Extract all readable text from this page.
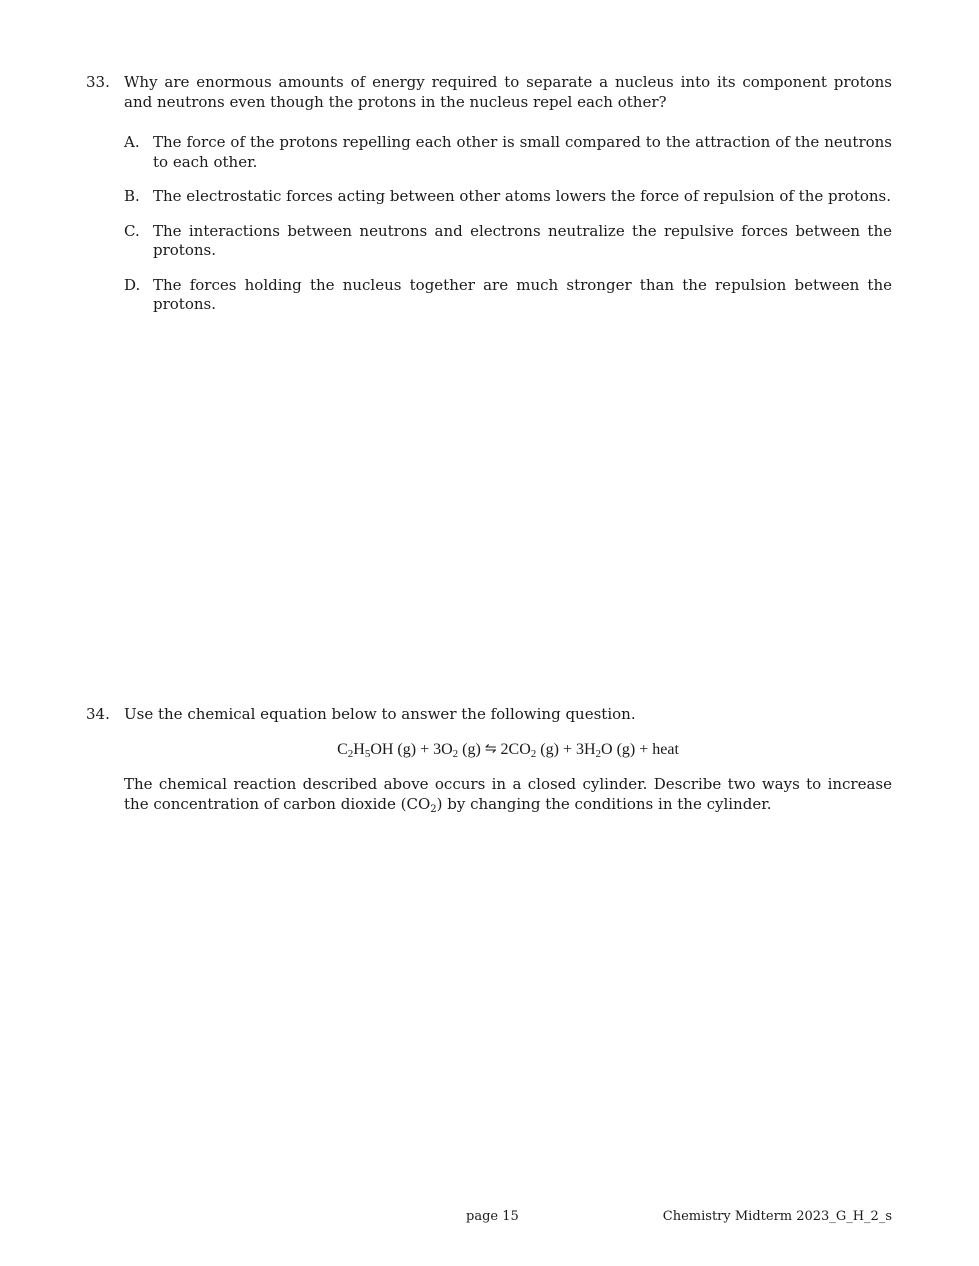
33. Why are enormous amounts of energy required to separate a nucleus into its component protons and neutrons even though the protons in the nucleus repel each other?
A. The force of the protons repelling each other is small compared to the attraction of the neutrons to each other.
B. The electrostatic forces acting between other atoms lowers the force of repulsion of the protons.
C. The interactions between neutrons and electrons neutralize the repulsive forces between the protons.
D. The forces holding the nucleus together are much stronger than the repulsion between the protons.
34. Use the chemical equation below to answer the following question.
$C_2H_5OH$ $(g) + 3O_2$ (g) ⇋ $2CO_2$ $(g) + 3H_2O$ (g) + heat
The chemical reaction described above occurs in a closed cylinder. Describe two ways to increase the concentration of carbon dioxide $(CO_2)$ by changing the conditions in the cylinder.
page 15	Chemistry Midterm 2023_G_H_2_s
